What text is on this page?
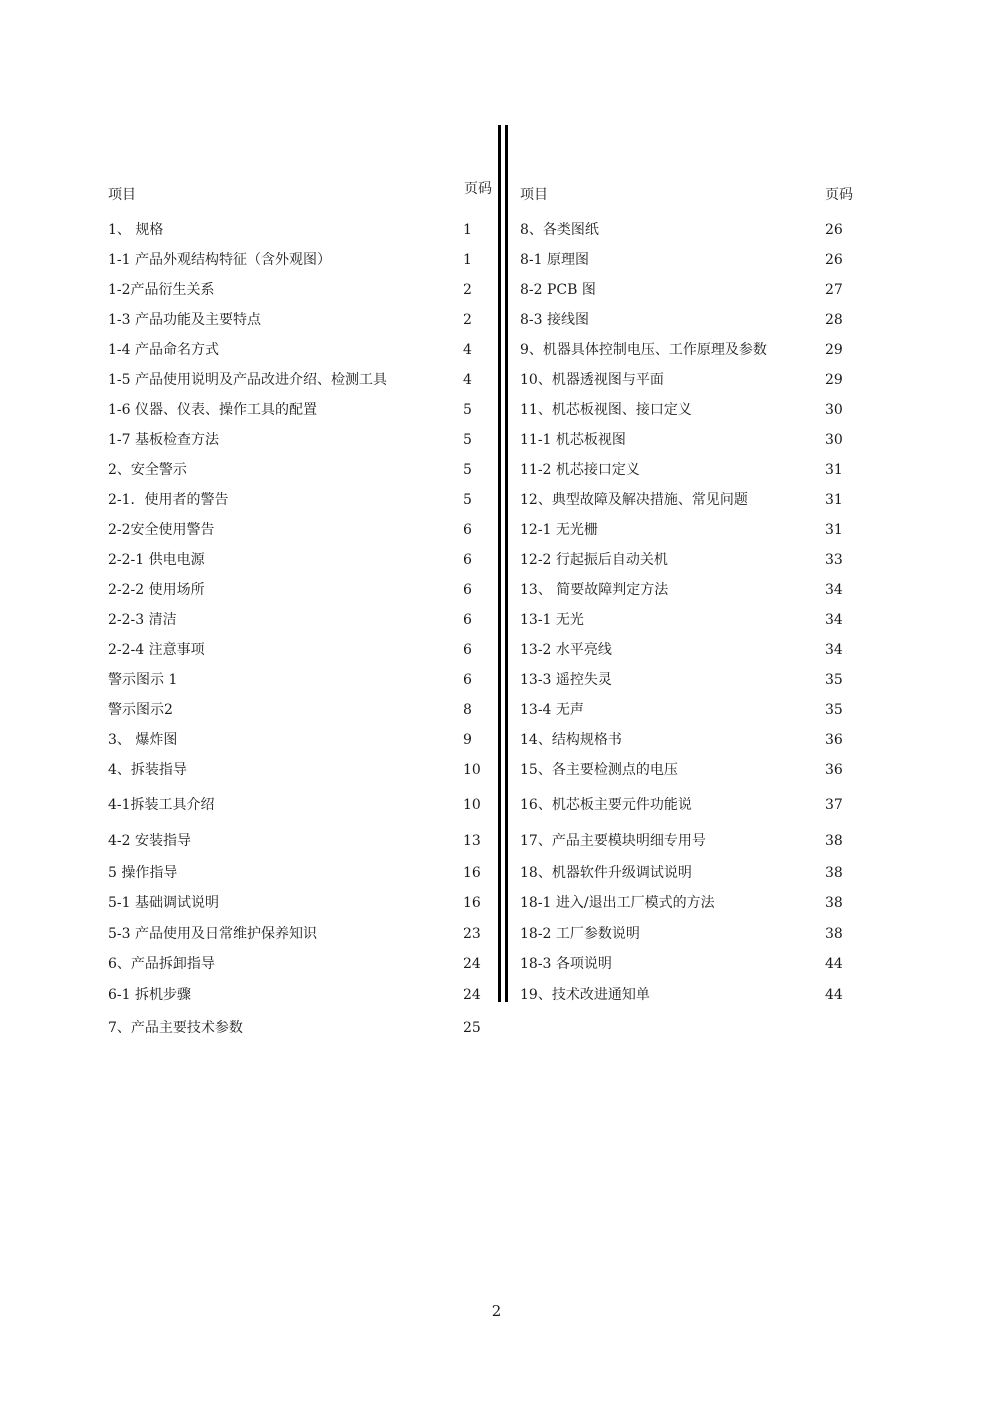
项目	页码
1、 规格	1
1-1 产品外观结构特征（含外观图）	1
1-2产品衍生关系	2
1-3 产品功能及主要特点	2
1-4 产品命名方式	4
1-5 产品使用说明及产品改进介绍、检测工具	4
1-6 仪器、仪表、操作工具的配置	5
1-7 基板检查方法	5
2、安全警示	5
2-1．使用者的警告	5
2-2安全使用警告	6
2-2-1 供电电源	6
2-2-2 使用场所	6
2-2-3 清洁	6
2-2-4 注意事项	6
警示图示 1	6
警示图示2	8
3、 爆炸图	9
4、拆装指导	10
4-1拆装工具介绍	10
4-2 安装指导	13
5 操作指导	16
5-1 基础调试说明	16
5-3 产品使用及日常维护保养知识	23
6、产品拆卸指导	24
6-1 拆机步骤	24
7、产品主要技术参数	25
项目	页码
8、各类图纸	26
8-1 原理图	26
8-2 PCB 图	27
8-3 接线图	28
9、机器具体控制电压、工作原理及参数	29
10、机器透视图与平面	29
11、机芯板视图、接口定义	30
11-1 机芯板视图	30
11-2 机芯接口定义	31
12、典型故障及解决措施、常见问题	31
12-1 无光栅	31
12-2 行起振后自动关机	33
13、 简要故障判定方法	34
13-1 无光	34
13-2 水平亮线	34
13-3 遥控失灵	35
13-4 无声	35
14、结构规格书	36
15、各主要检测点的电压	36
16、机芯板主要元件功能说	37
17、产品主要模块明细专用号	38
18、机器软件升级调试说明	38
18-1 进入/退出工厂模式的方法	38
18-2 工厂参数说明	38
18-3 各项说明	44
19、技术改进通知单	44
2
